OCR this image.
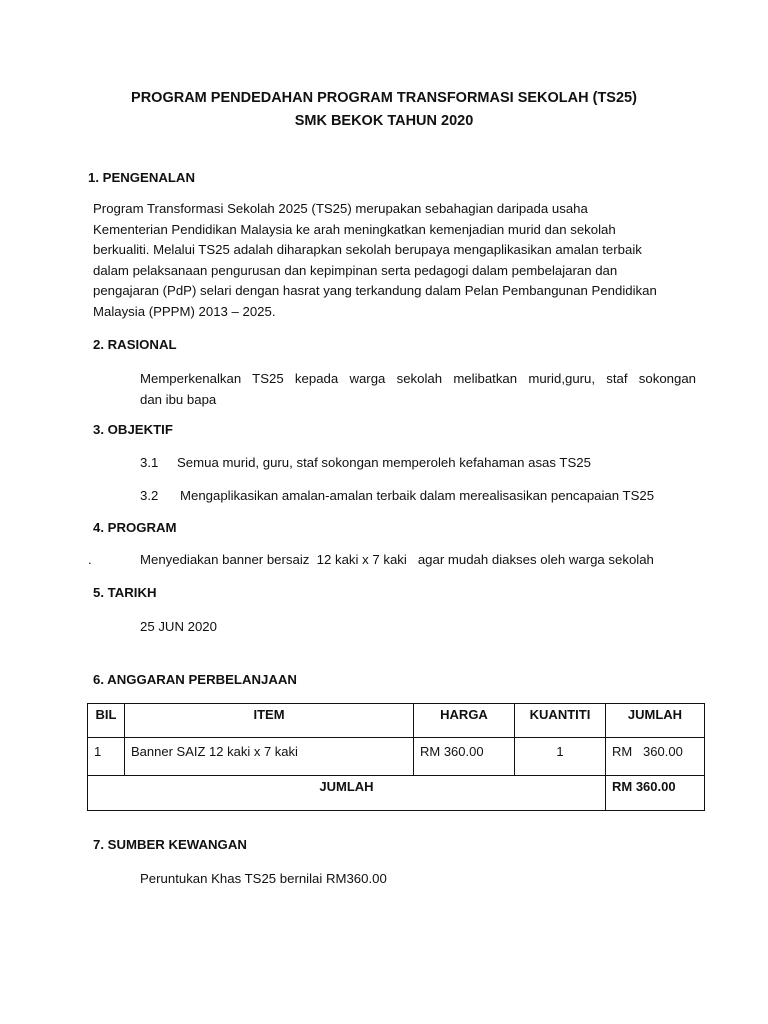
PROGRAM PENDEDAHAN PROGRAM TRANSFORMASI SEKOLAH (TS25)
SMK BEKOK TAHUN 2020
1. PENGENALAN
Program Transformasi Sekolah 2025 (TS25) merupakan sebahagian daripada usaha
Kementerian Pendidikan Malaysia ke arah meningkatkan kemenjadian murid dan sekolah
berkualiti. Melalui TS25 adalah diharapkan sekolah berupaya mengaplikasikan amalan terbaik
dalam pelaksanaan pengurusan dan kepimpinan serta pedagogi dalam pembelajaran dan
pengajaran (PdP) selari dengan hasrat yang terkandung dalam Pelan Pembangunan Pendidikan
Malaysia (PPPM) 2013 – 2025.
2. RASIONAL
Memperkenalkan TS25 kepada warga sekolah melibatkan murid,guru, staf sokongan
dan ibu bapa
3. OBJEKTIF
3.1 Semua murid, guru, staf sokongan memperoleh kefahaman asas TS25
3.2 Mengaplikasikan amalan-amalan terbaik dalam merealisasikan pencapaian TS25
4. PROGRAM
.	Menyediakan banner bersaiz  12 kaki x 7 kaki   agar mudah diakses oleh warga sekolah
5. TARIKH
25 JUN 2020
6. ANGGARAN PERBELANJAAN
BIL	ITEM	HARGA	KUANTITI	JUMLAH
1	Banner SAIZ 12 kaki x 7 kaki	RM 360.00	1	RM   360.00
JUMLAH				RM 360.00
7. SUMBER KEWANGAN
Peruntukan Khas TS25 bernilai RM360.00
